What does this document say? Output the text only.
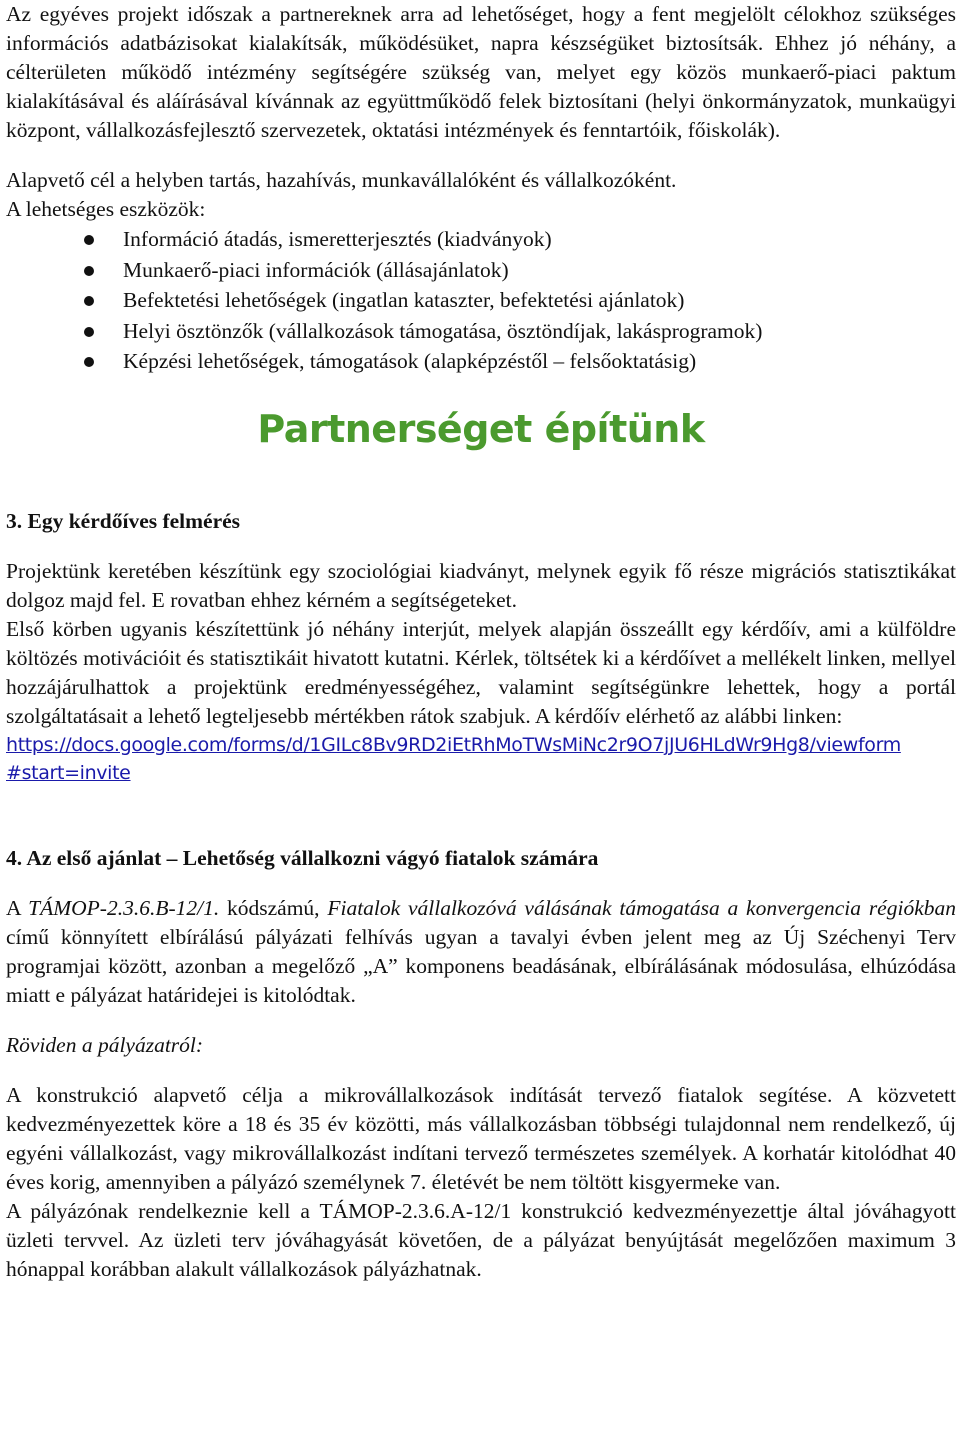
Az egyéves projekt időszak a partnereknek arra ad lehetőséget, hogy a fent megjelölt célokhoz szükséges információs adatbázisokat kialakítsák, működésüket, napra készségüket biztosítsák. Ehhez jó néhány, a célterületen működő intézmény segítségére szükség van, melyet egy közös munkaerő-piaci paktum kialakításával és aláírásával kívánnak az együttműködő felek biztosítani (helyi önkormányzatok, munkaügyi központ, vállalkozásfejlesztő szervezetek, oktatási intézmények és fenntartóik, főiskolák).

Alapvető cél a helyben tartás, hazahívás, munkavállalóként és vállalkozóként.

A lehetséges eszközök:

Információ átadás, ismeretterjesztés (kiadványok)
Munkaerő-piaci információk (állásajánlatok)
Befektetési lehetőségek (ingatlan kataszter, befektetési ajánlatok)
Helyi ösztönzők (vállalkozások támogatása, ösztöndíjak, lakásprogramok)
Képzési lehetőségek, támogatások (alapképzéstől – felsőoktatásig)
Partnerséget építünk
3. Egy kérdőíves felmérés

Projektünk keretében készítünk egy szociológiai kiadványt, melynek egyik fő része migrációs statisztikákat dolgoz majd fel. E rovatban ehhez kérném a segítségeteket.

Első körben ugyanis készítettünk jó néhány interjút, melyek alapján összeállt egy kérdőív, ami a külföldre költözés motivációit és statisztikáit hivatott kutatni. Kérlek, töltsétek ki a kérdőívet a mellékelt linken, mellyel hozzájárulhattok a projektünk eredményességéhez, valamint segítségünkre lehettek, hogy a portál szolgáltatásait a lehető legteljesebb mértékben rátok szabjuk. A kérdőív elérhető az alábbi linken:

https://docs.google.com/forms/d/1GILc8Bv9RD2iEtRhMoTWsMiNc2r9O7jJU6HLdWr9Hg8/viewform
#start=invite
4. Az első ajánlat – Lehetőség vállalkozni vágyó fiatalok számára

A TÁMOP-2.3.6.B-12/1. kódszámú, Fiatalok vállalkozóvá válásának támogatása a konvergencia régiókban című könnyített elbírálású pályázati felhívás ugyan a tavalyi évben jelent meg az Új Széchenyi Terv programjai között, azonban a megelőző „A” komponens beadásának, elbírálásának módosulása, elhúzódása miatt e pályázat határidejei is kitolódtak.

Röviden a pályázatról:

A konstrukció alapvető célja a mikrovállalkozások indítását tervező fiatalok segítése. A közvetett kedvezményezettek köre a 18 és 35 év közötti, más vállalkozásban többségi tulajdonnal nem rendelkező, új egyéni vállalkozást, vagy mikrovállalkozást indítani tervező természetes személyek. A korhatár kitolódhat 40 éves korig, amennyiben a pályázó személynek 7. életévét be nem töltött kisgyermeke van.

A pályázónak rendelkeznie kell a TÁMOP-2.3.6.A-12/1 konstrukció kedvezményezettje által jóváhagyott üzleti tervvel. Az üzleti terv jóváhagyását követően, de a pályázat benyújtását megelőzően maximum 3 hónappal korábban alakult vállalkozások pályázhatnak.
